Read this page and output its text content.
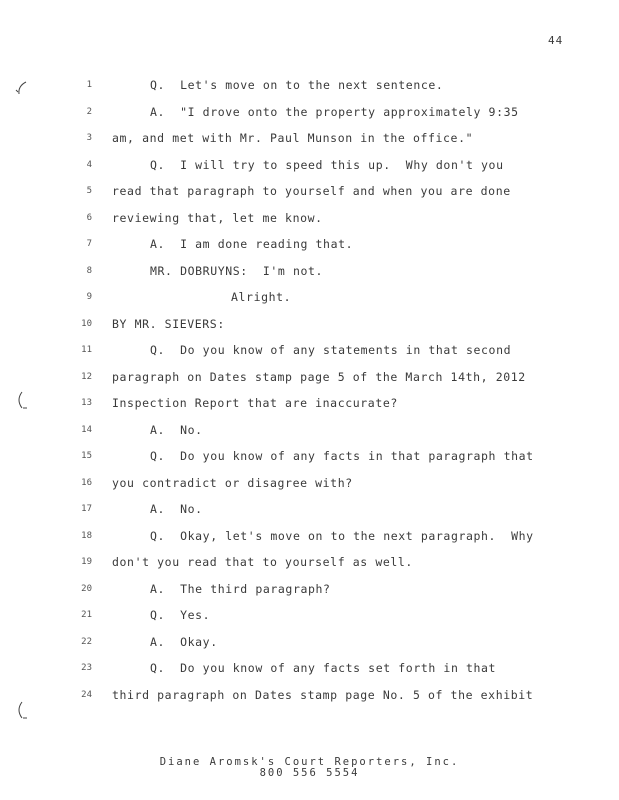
44
1	Q.  Let's move on to the next sentence.
2	A.  "I drove onto the property approximately 9:35
3 am, and met with Mr. Paul Munson in the office."
4	Q.  I will try to speed this up.  Why don't you
5 read that paragraph to yourself and when you are done
6 reviewing that, let me know.
7	A.  I am done reading that.
8	MR. DOBRUYNS:  I'm not.
9	Alright.
10 BY MR. SIEVERS:
11	Q.  Do you know of any statements in that second
12 paragraph on Dates stamp page 5 of the March 14th, 2012
13 Inspection Report that are inaccurate?
14	A.  No.
15	Q.  Do you know of any facts in that paragraph that
16 you contradict or disagree with?
17	A.  No.
18	Q.  Okay, let's move on to the next paragraph.  Why
19 don't you read that to yourself as well.
20	A.  The third paragraph?
21	Q.  Yes.
22	A.  Okay.
23	Q.  Do you know of any facts set forth in that
24 third paragraph on Dates stamp page No. 5 of the exhibit
Diane Aromsk's Court Reporters, Inc.
800 556 5554
